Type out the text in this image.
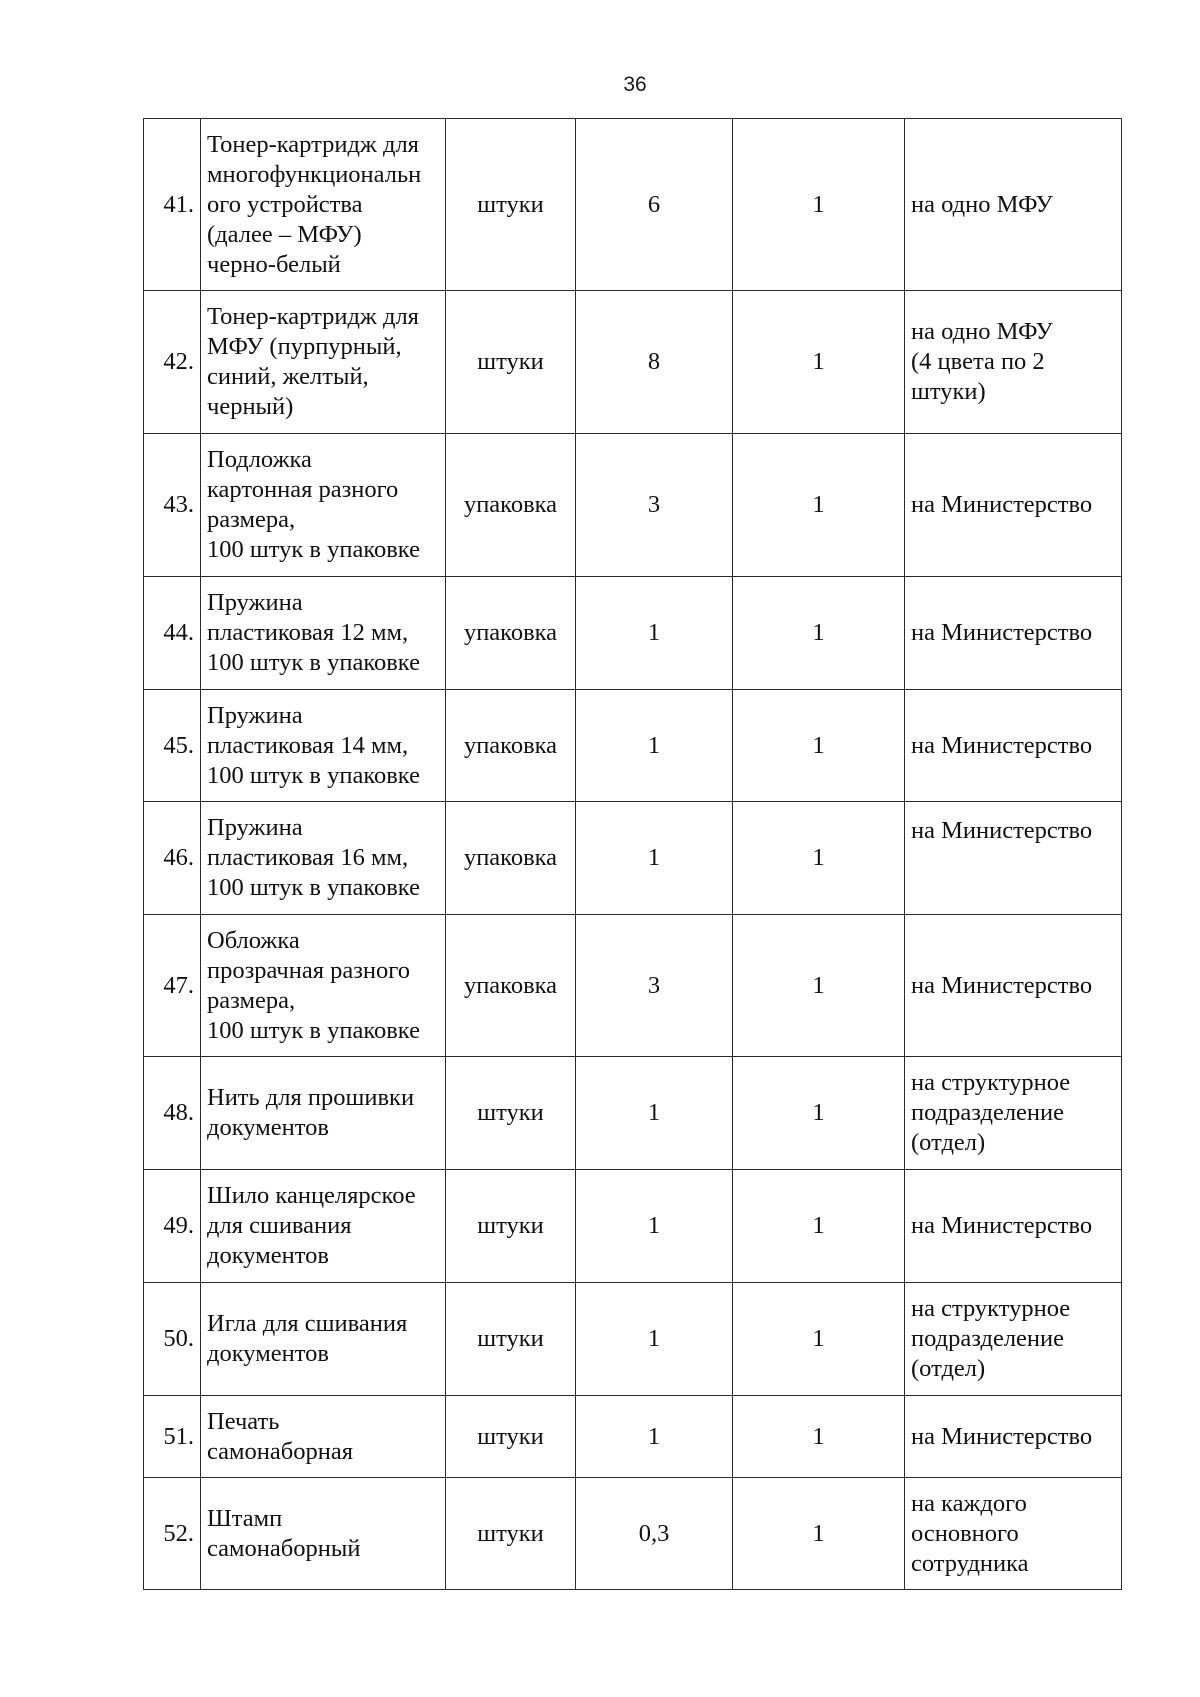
36
41.	Тонер-картридж для
многофункциональн
ого устройства
(далее – МФУ)
черно-белый	штуки	6	1	на одно МФУ

42.	Тонер-картридж для
МФУ (пурпурный,
синий, желтый,
черный)	штуки	8	1	на одно МФУ
(4 цвета по 2
штуки)

43.	Подложка
картонная разного
размера,
100 штук в упаковке	упаковка	3	1	на Министерство

44.	Пружина
пластиковая 12 мм,
100 штук в упаковке	упаковка	1	1	на Министерство

45.	Пружина
пластиковая 14 мм,
100 штук в упаковке	упаковка	1	1	на Министерство

46.	Пружина
пластиковая 16 мм,
100 штук в упаковке	упаковка	1	1	на Министерство

47.	Обложка
прозрачная разного
размера,
100 штук в упаковке	упаковка	3	1	на Министерство

48.	Нить для прошивки
документов	штуки	1	1	на структурное
подразделение
(отдел)

49.	Шило канцелярское
для сшивания
документов	штуки	1	1	на Министерство

50.	Игла для сшивания
документов	штуки	1	1	на структурное
подразделение
(отдел)

51.	Печать
самонаборная	штуки	1	1	на Министерство

52.	Штамп
самонаборный	штуки	0,3	1	на каждого
основного
сотрудника
